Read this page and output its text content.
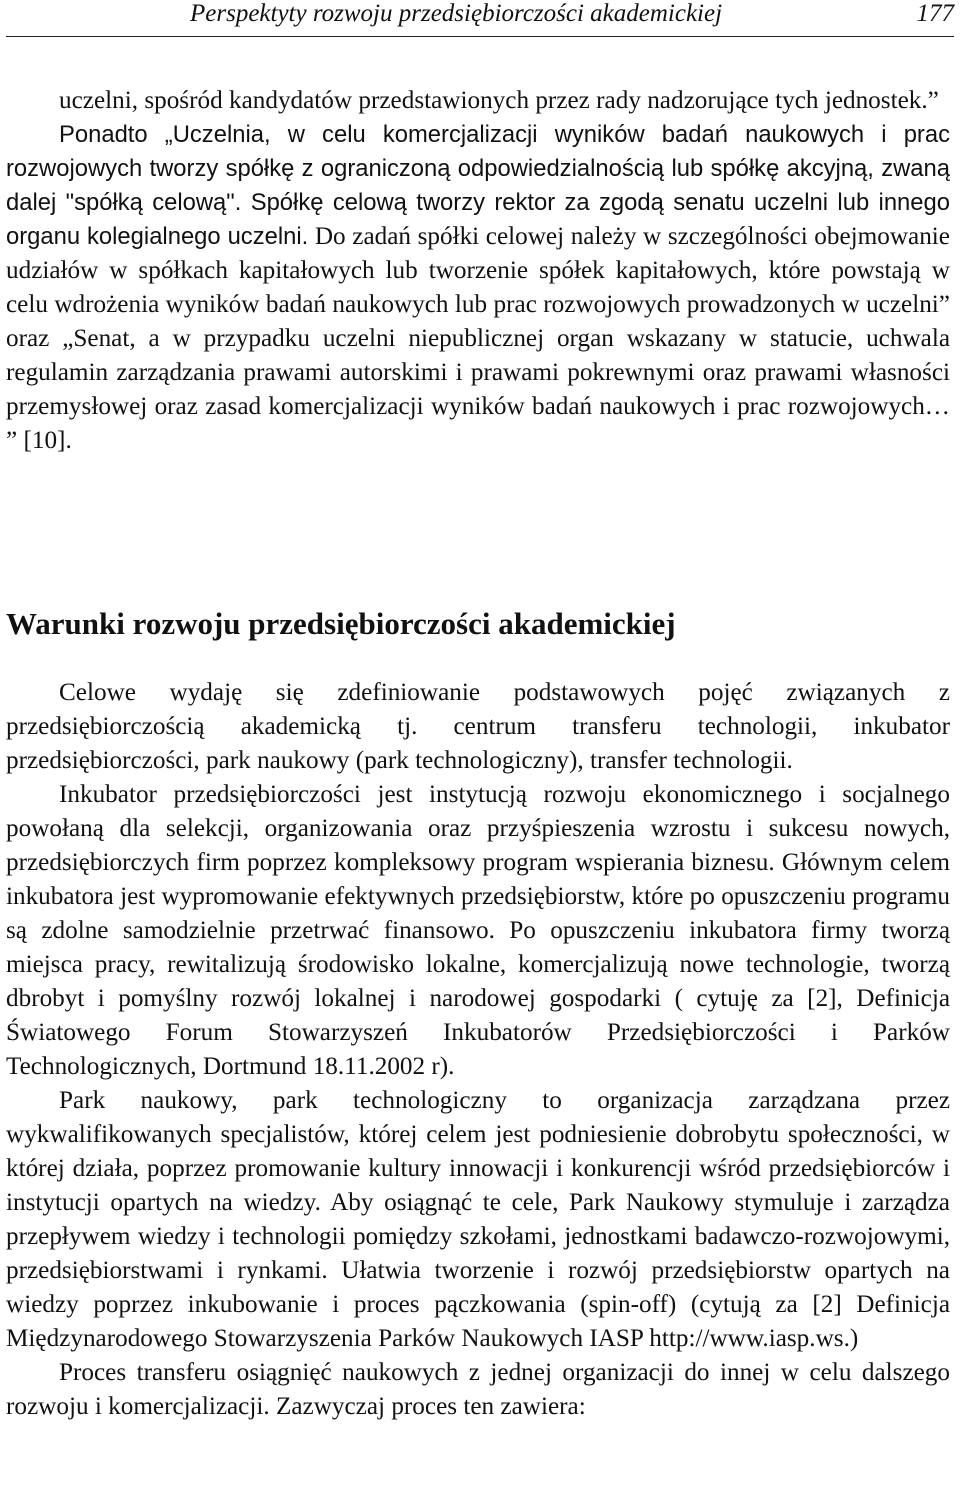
Perspektyty rozwoju przedsiębiorczości akademickiej	177

uczelni, spośród kandydatów przedstawionych przez rady nadzorujące tych jednostek.”

Ponadto „Uczelnia, w celu komercjalizacji wyników badań naukowych i prac rozwojowych tworzy spółkę z ograniczoną odpowiedzialnością lub spółkę akcyjną, zwaną dalej "spółką celową". Spółkę celową tworzy rektor za zgodą senatu uczelni lub innego organu kolegialnego uczelni. Do zadań spółki celowej należy w szczególności obejmowanie udziałów w spółkach kapitałowych lub tworzenie spółek kapitałowych, które powstają w celu wdrożenia wyników badań naukowych lub prac rozwojowych prowadzonych w uczelni” oraz „Senat, a w przypadku uczelni niepublicznej organ wskazany w statucie, uchwala regulamin zarządzania prawami autorskimi i prawami pokrewnymi oraz prawami własności przemysłowej oraz zasad komercjalizacji wyników badań naukowych i prac rozwojowych… ” [10].

Warunki rozwoju przedsiębiorczości akademickiej

Celowe wydaję się zdefiniowanie podstawowych pojęć związanych z przedsiębiorczością akademicką tj. centrum transferu technologii, inkubator przedsiębiorczości, park naukowy (park technologiczny), transfer technologii.

Inkubator przedsiębiorczości jest instytucją rozwoju ekonomicznego i socjalnego powołaną dla selekcji, organizowania oraz przyśpieszenia wzrostu i sukcesu nowych, przedsiębiorczych firm poprzez kompleksowy program wspierania biznesu. Głównym celem inkubatora jest wypromowanie efektywnych przedsiębiorstw, które po opuszczeniu programu są zdolne samodzielnie przetrwać finansowo. Po opuszczeniu inkubatora firmy tworzą miejsca pracy, rewitalizują środowisko lokalne, komercjalizują nowe technologie, tworzą dbrobyt i pomyślny rozwój lokalnej i narodowej gospodarki ( cytuję za [2], Definicja Światowego Forum Stowarzyszeń Inkubatorów Przedsiębiorczości i Parków Technologicznych, Dortmund 18.11.2002 r).

Park naukowy, park technologiczny to organizacja zarządzana przez wykwalifikowanych specjalistów, której celem jest podniesienie dobrobytu społeczności, w której działa, poprzez promowanie kultury innowacji i konkurencji wśród przedsiębiorców i instytucji opartych na wiedzy. Aby osiągnąć te cele, Park Naukowy stymuluje i zarządza przepływem wiedzy i technologii pomiędzy szkołami, jednostkami badawczo-rozwojowymi, przedsiębiorstwami i rynkami. Ułatwia tworzenie i rozwój przedsiębiorstw opartych na wiedzy poprzez inkubowanie i proces pączkowania (spin-off) (cytują za [2] Definicja Międzynarodowego Stowarzyszenia Parków Naukowych IASP http://www.iasp.ws.)

Proces transferu osiągnięć naukowych z jednej organizacji do innej w celu dalszego rozwoju i komercjalizacji. Zazwyczaj proces ten zawiera:
